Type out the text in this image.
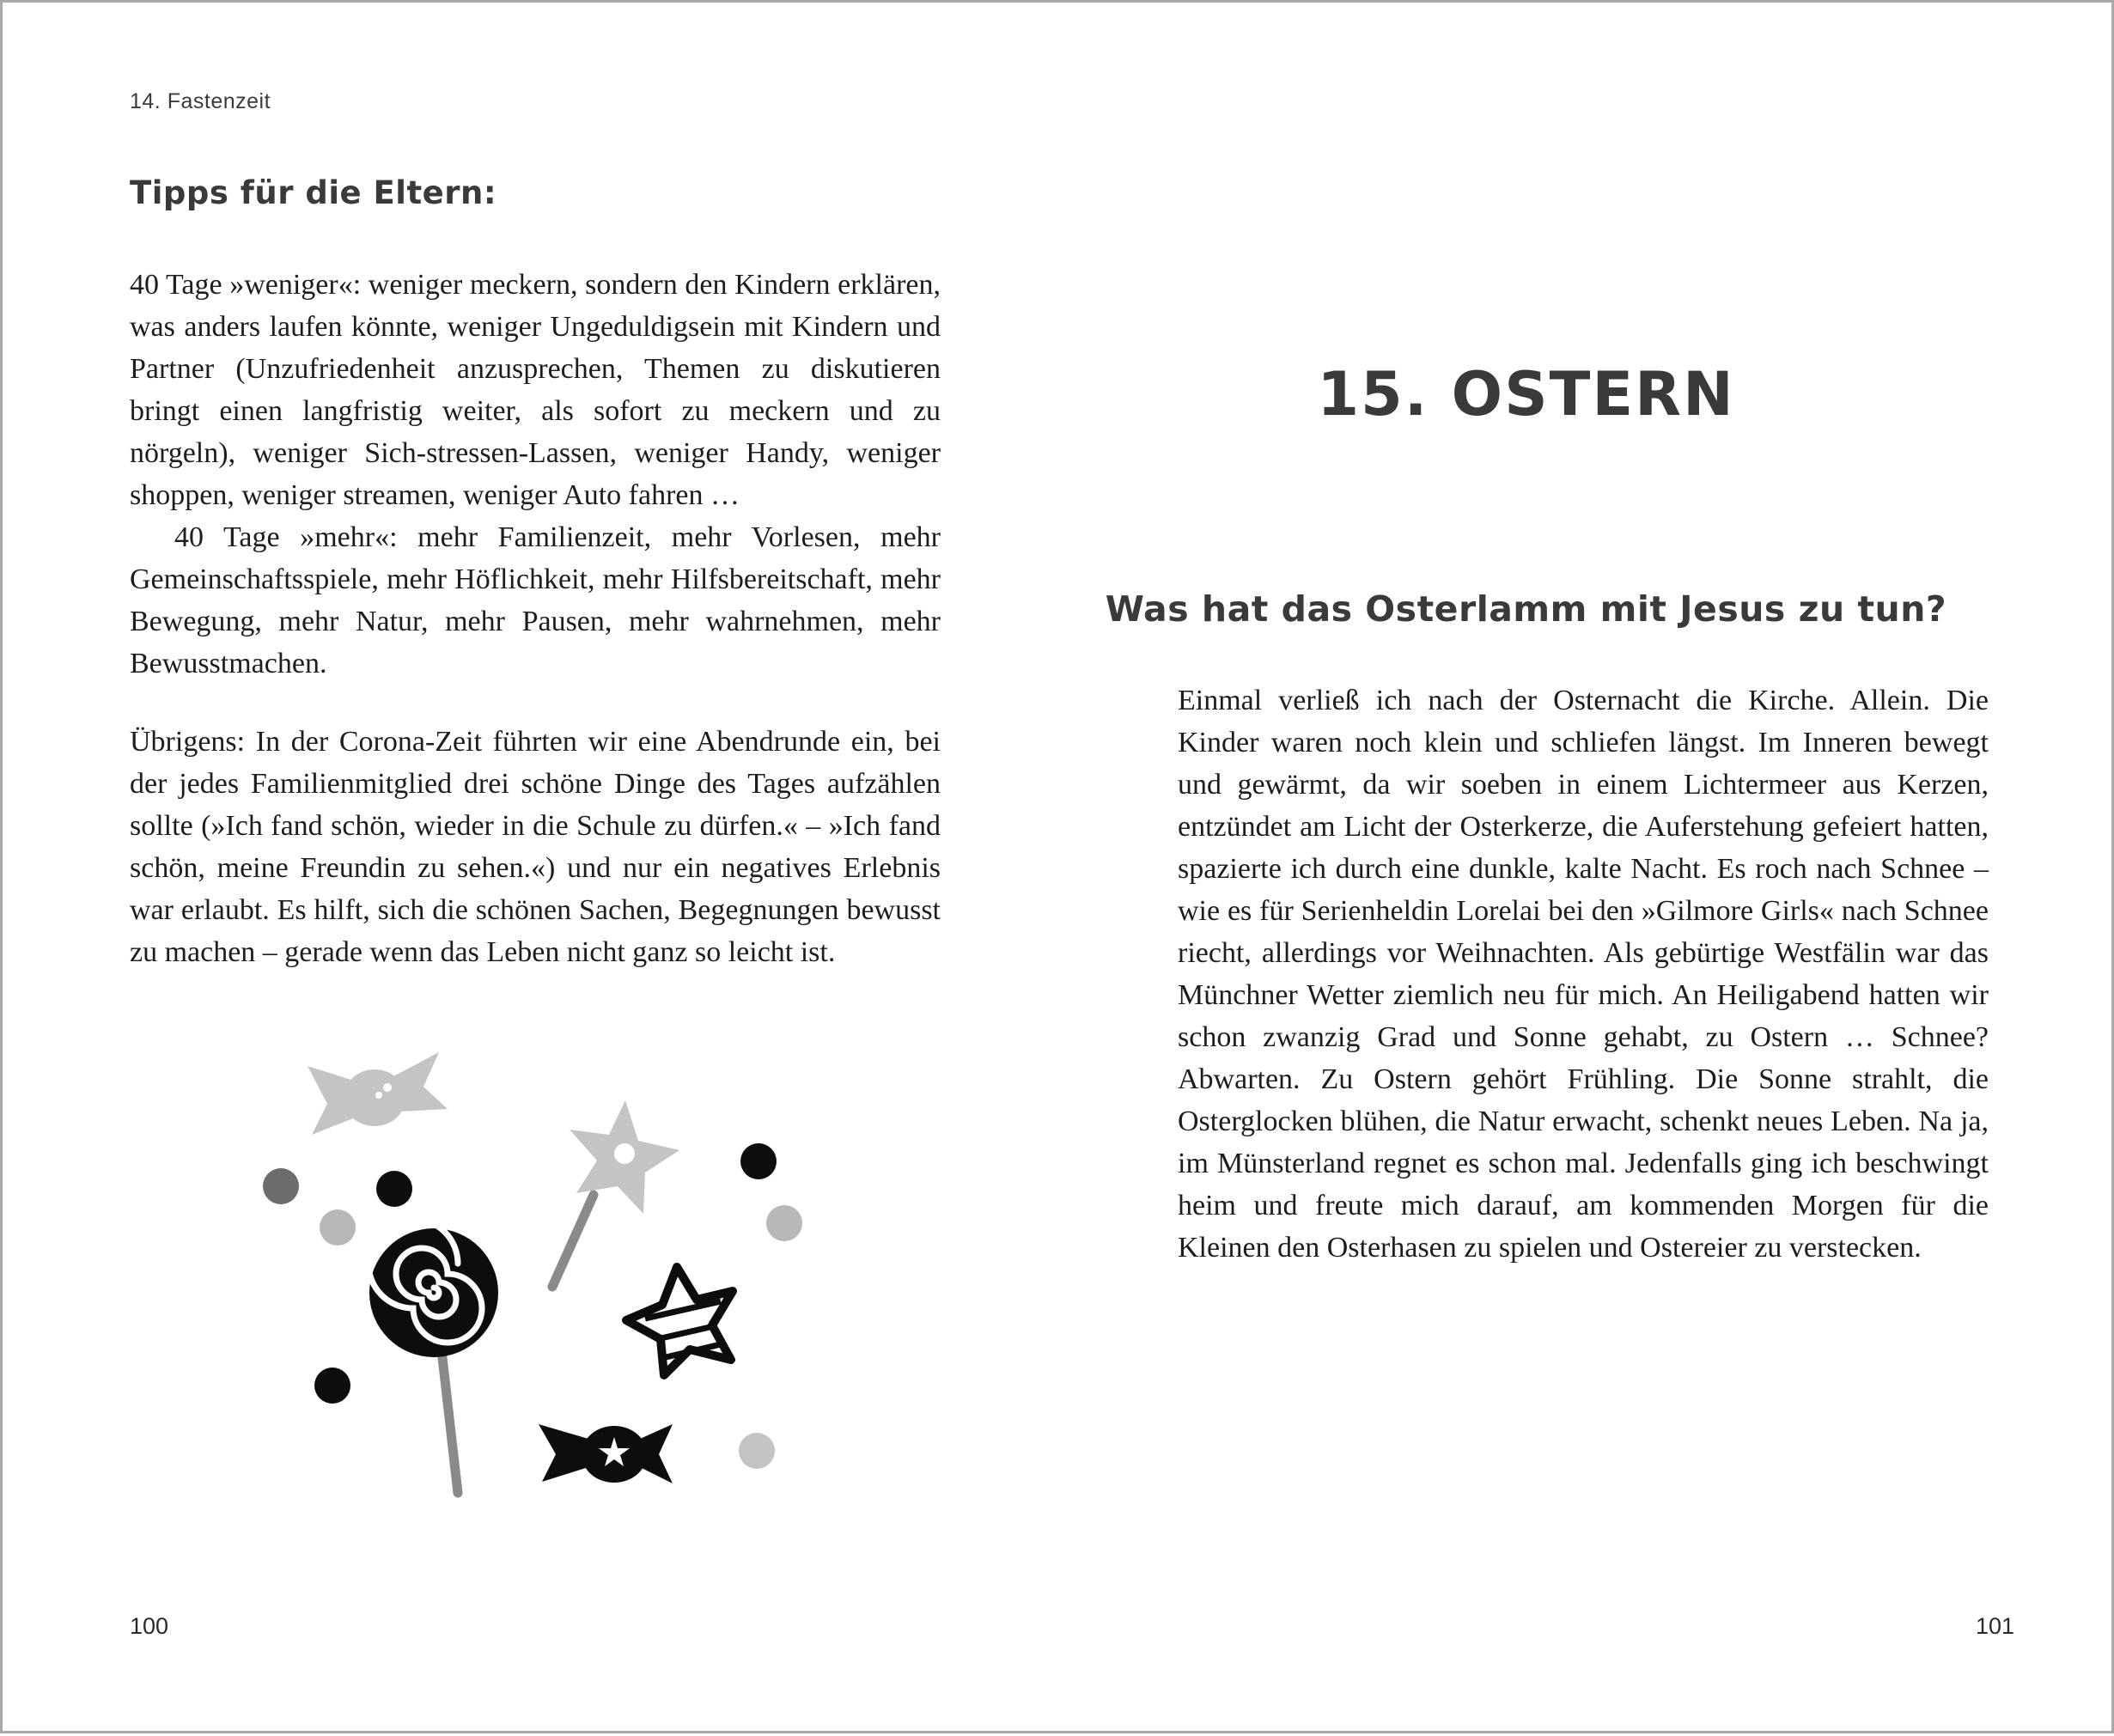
14. Fastenzeit
Tipps für die Eltern:

40 Tage »weniger«: weniger meckern, sondern den Kindern erklären, was anders laufen könnte, weniger Ungeduldigsein mit Kindern und Partner (Unzufriedenheit anzusprechen, Themen zu diskutieren bringt einen langfristig weiter, als sofort zu meckern und zu nörgeln), weniger Sich-stressen-Lassen, weniger Handy, weniger shoppen, weniger streamen, weniger Auto fahren …

40 Tage »mehr«: mehr Familienzeit, mehr Vorlesen, mehr Gemeinschaftsspiele, mehr Höflichkeit, mehr Hilfsbereitschaft, mehr Bewegung, mehr Natur, mehr Pausen, mehr wahrnehmen, mehr Bewusstmachen.

Übrigens: In der Corona-Zeit führten wir eine Abendrunde ein, bei der jedes Familienmitglied drei schöne Dinge des Tages aufzählen sollte (»Ich fand schön, wieder in die Schule zu dürfen.« – »Ich fand schön, meine Freundin zu sehen.«) und nur ein negatives Erlebnis war erlaubt. Es hilft, sich die schönen Sachen, Begegnungen bewusst zu machen – gerade wenn das Leben nicht ganz so leicht ist.

100
15. OSTERN
Was hat das Osterlamm mit Jesus zu tun?

Einmal verließ ich nach der Osternacht die Kirche. Allein. Die Kinder waren noch klein und schliefen längst. Im Inneren bewegt und gewärmt, da wir soeben in einem Lichtermeer aus Kerzen, entzündet am Licht der Osterkerze, die Auferstehung gefeiert hatten, spazierte ich durch eine dunkle, kalte Nacht. Es roch nach Schnee – wie es für Serienheldin Lorelai bei den »Gilmore Girls« nach Schnee riecht, allerdings vor Weihnachten. Als gebürtige Westfälin war das Münchner Wetter ziemlich neu für mich. An Heiligabend hatten wir schon zwanzig Grad und Sonne gehabt, zu Ostern … Schnee? Abwarten. Zu Ostern gehört Frühling. Die Sonne strahlt, die Osterglocken blühen, die Natur erwacht, schenkt neues Leben. Na ja, im Münsterland regnet es schon mal. Jedenfalls ging ich beschwingt heim und freute mich darauf, am kommenden Morgen für die Kleinen den Osterhasen zu spielen und Ostereier zu verstecken.

101
